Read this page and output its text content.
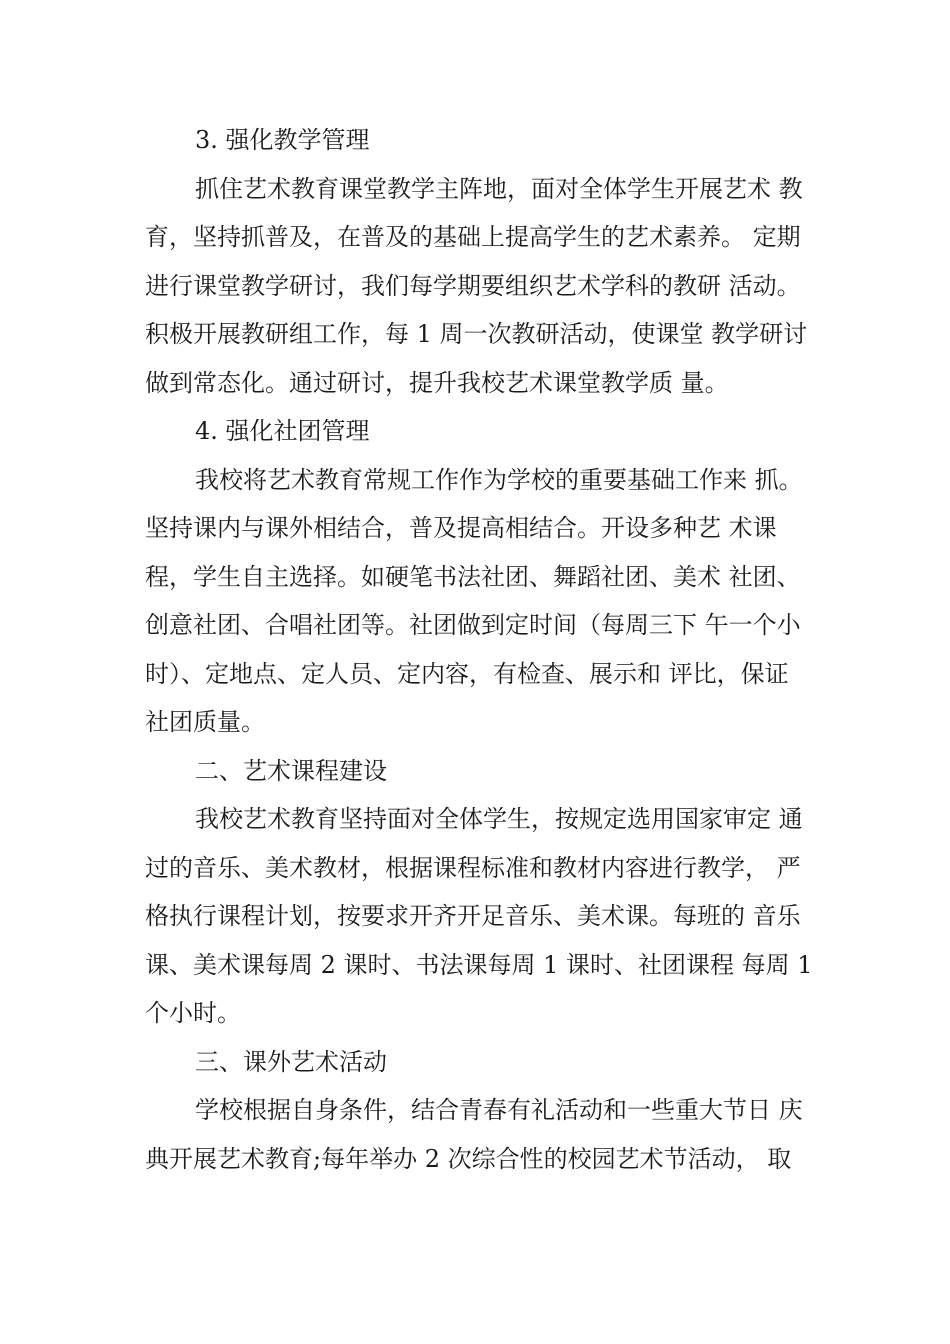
3. 强化教学管理
抓住艺术教育课堂教学主阵地，面对全体学生开展艺术 教
育，坚持抓普及，在普及的基础上提高学生的艺术素养。 定期
进行课堂教学研讨，我们每学期要组织艺术学科的教研 活动。
积极开展教研组工作，每 1 周一次教研活动，使课堂 教学研讨
做到常态化。通过研讨，提升我校艺术课堂教学质 量。
4. 强化社团管理
我校将艺术教育常规工作作为学校的重要基础工作来 抓。
坚持课内与课外相结合，普及提高相结合。开设多种艺 术课
程，学生自主选择。如硬笔书法社团、舞蹈社团、美术 社团、
创意社团、合唱社团等。社团做到定时间（每周三下 午一个小
时）、定地点、定人员、定内容，有检查、展示和 评比，保证
社团质量。
二、艺术课程建设
我校艺术教育坚持面对全体学生，按规定选用国家审定 通
过的音乐、美术教材，根据课程标准和教材内容进行教学， 严
格执行课程计划，按要求开齐开足音乐、美术课。每班的 音乐
课、美术课每周 2 课时、书法课每周 1 课时、社团课程 每周 1
个小时。
三、课外艺术活动
学校根据自身条件，结合青春有礼活动和一些重大节日 庆
典开展艺术教育;每年举办 2 次综合性的校园艺术节活动， 取
